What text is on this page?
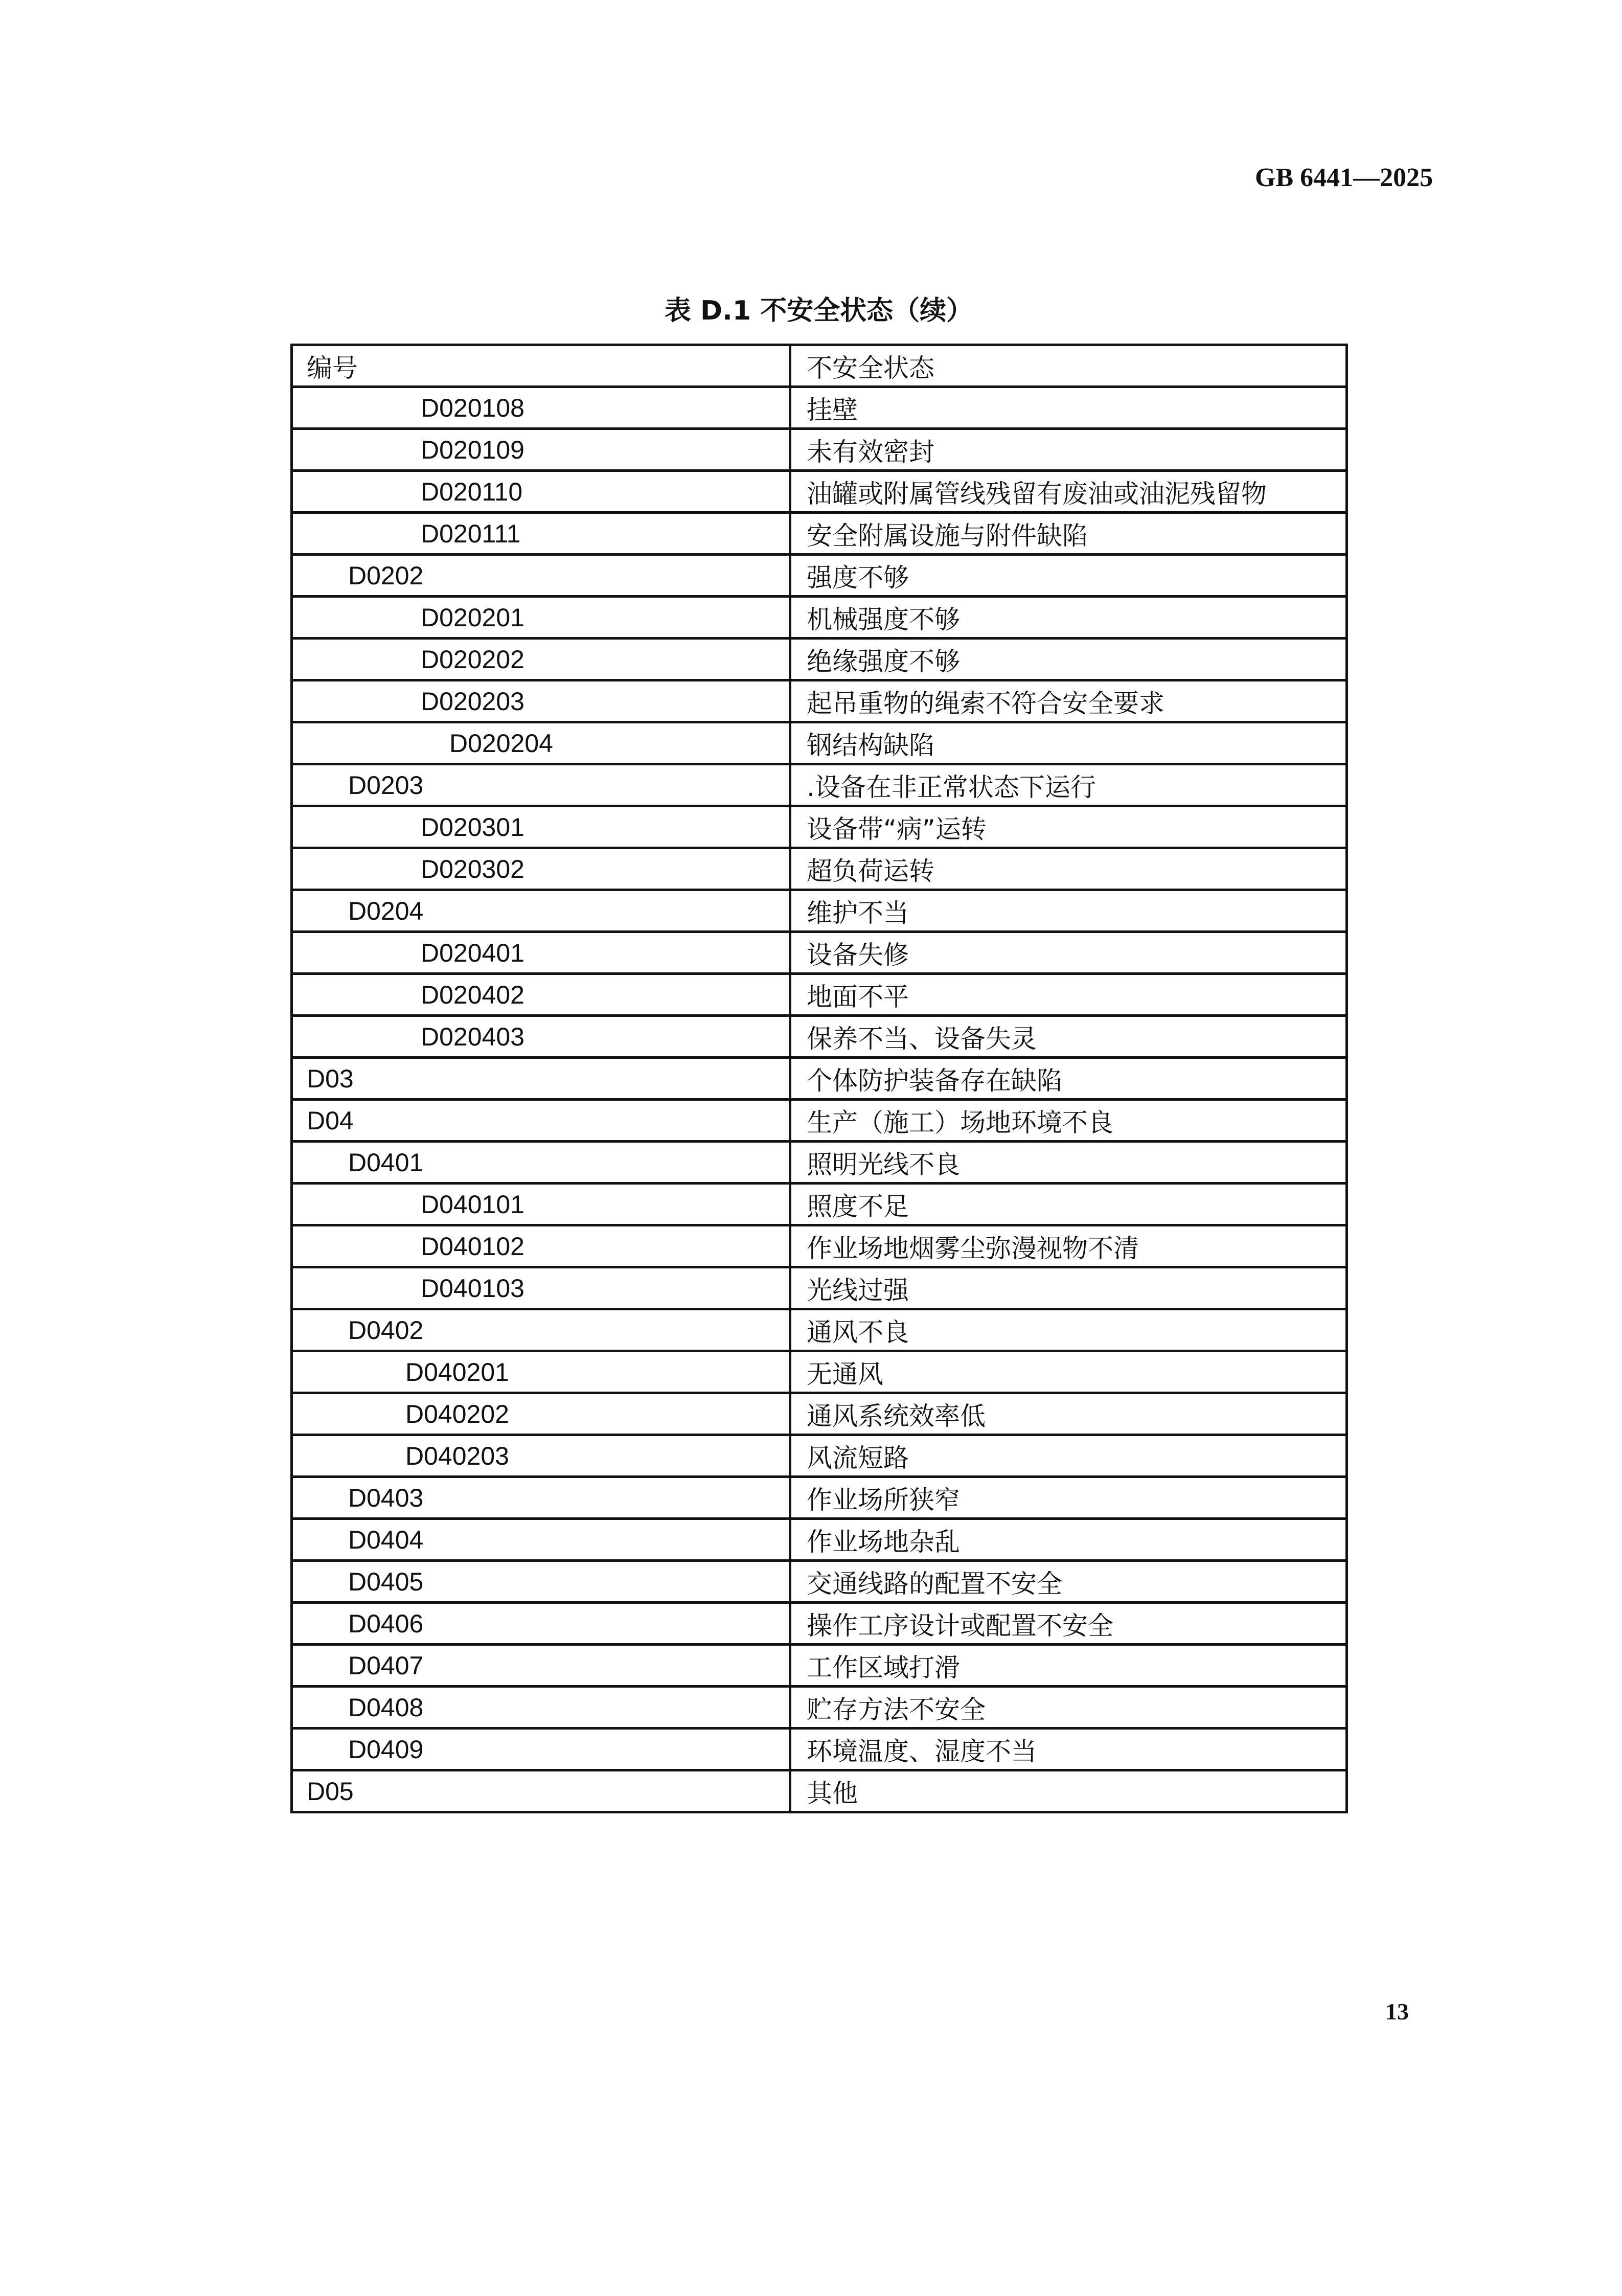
GB 6441—2025
表 D.1 不安全状态（续）
编号	不安全状态
D020108	挂壁
D020109	未有效密封
D020110	油罐或附属管线残留有废油或油泥残留物
D020111	安全附属设施与附件缺陷
D0202	强度不够
D020201	机械强度不够
D020202	绝缘强度不够
D020203	起吊重物的绳索不符合安全要求
D020204	钢结构缺陷
D0203	.设备在非正常状态下运行
D020301	设备带“病”运转
D020302	超负荷运转
D0204	维护不当
D020401	设备失修
D020402	地面不平
D020403	保养不当、设备失灵
D03	个体防护装备存在缺陷
D04	生产（施工）场地环境不良
D0401	照明光线不良
D040101	照度不足
D040102	作业场地烟雾尘弥漫视物不清
D040103	光线过强
D0402	通风不良
D040201	无通风
D040202	通风系统效率低
D040203	风流短路
D0403	作业场所狭窄
D0404	作业场地杂乱
D0405	交通线路的配置不安全
D0406	操作工序设计或配置不安全
D0407	工作区域打滑
D0408	贮存方法不安全
D0409	环境温度、湿度不当
D05	其他
13
